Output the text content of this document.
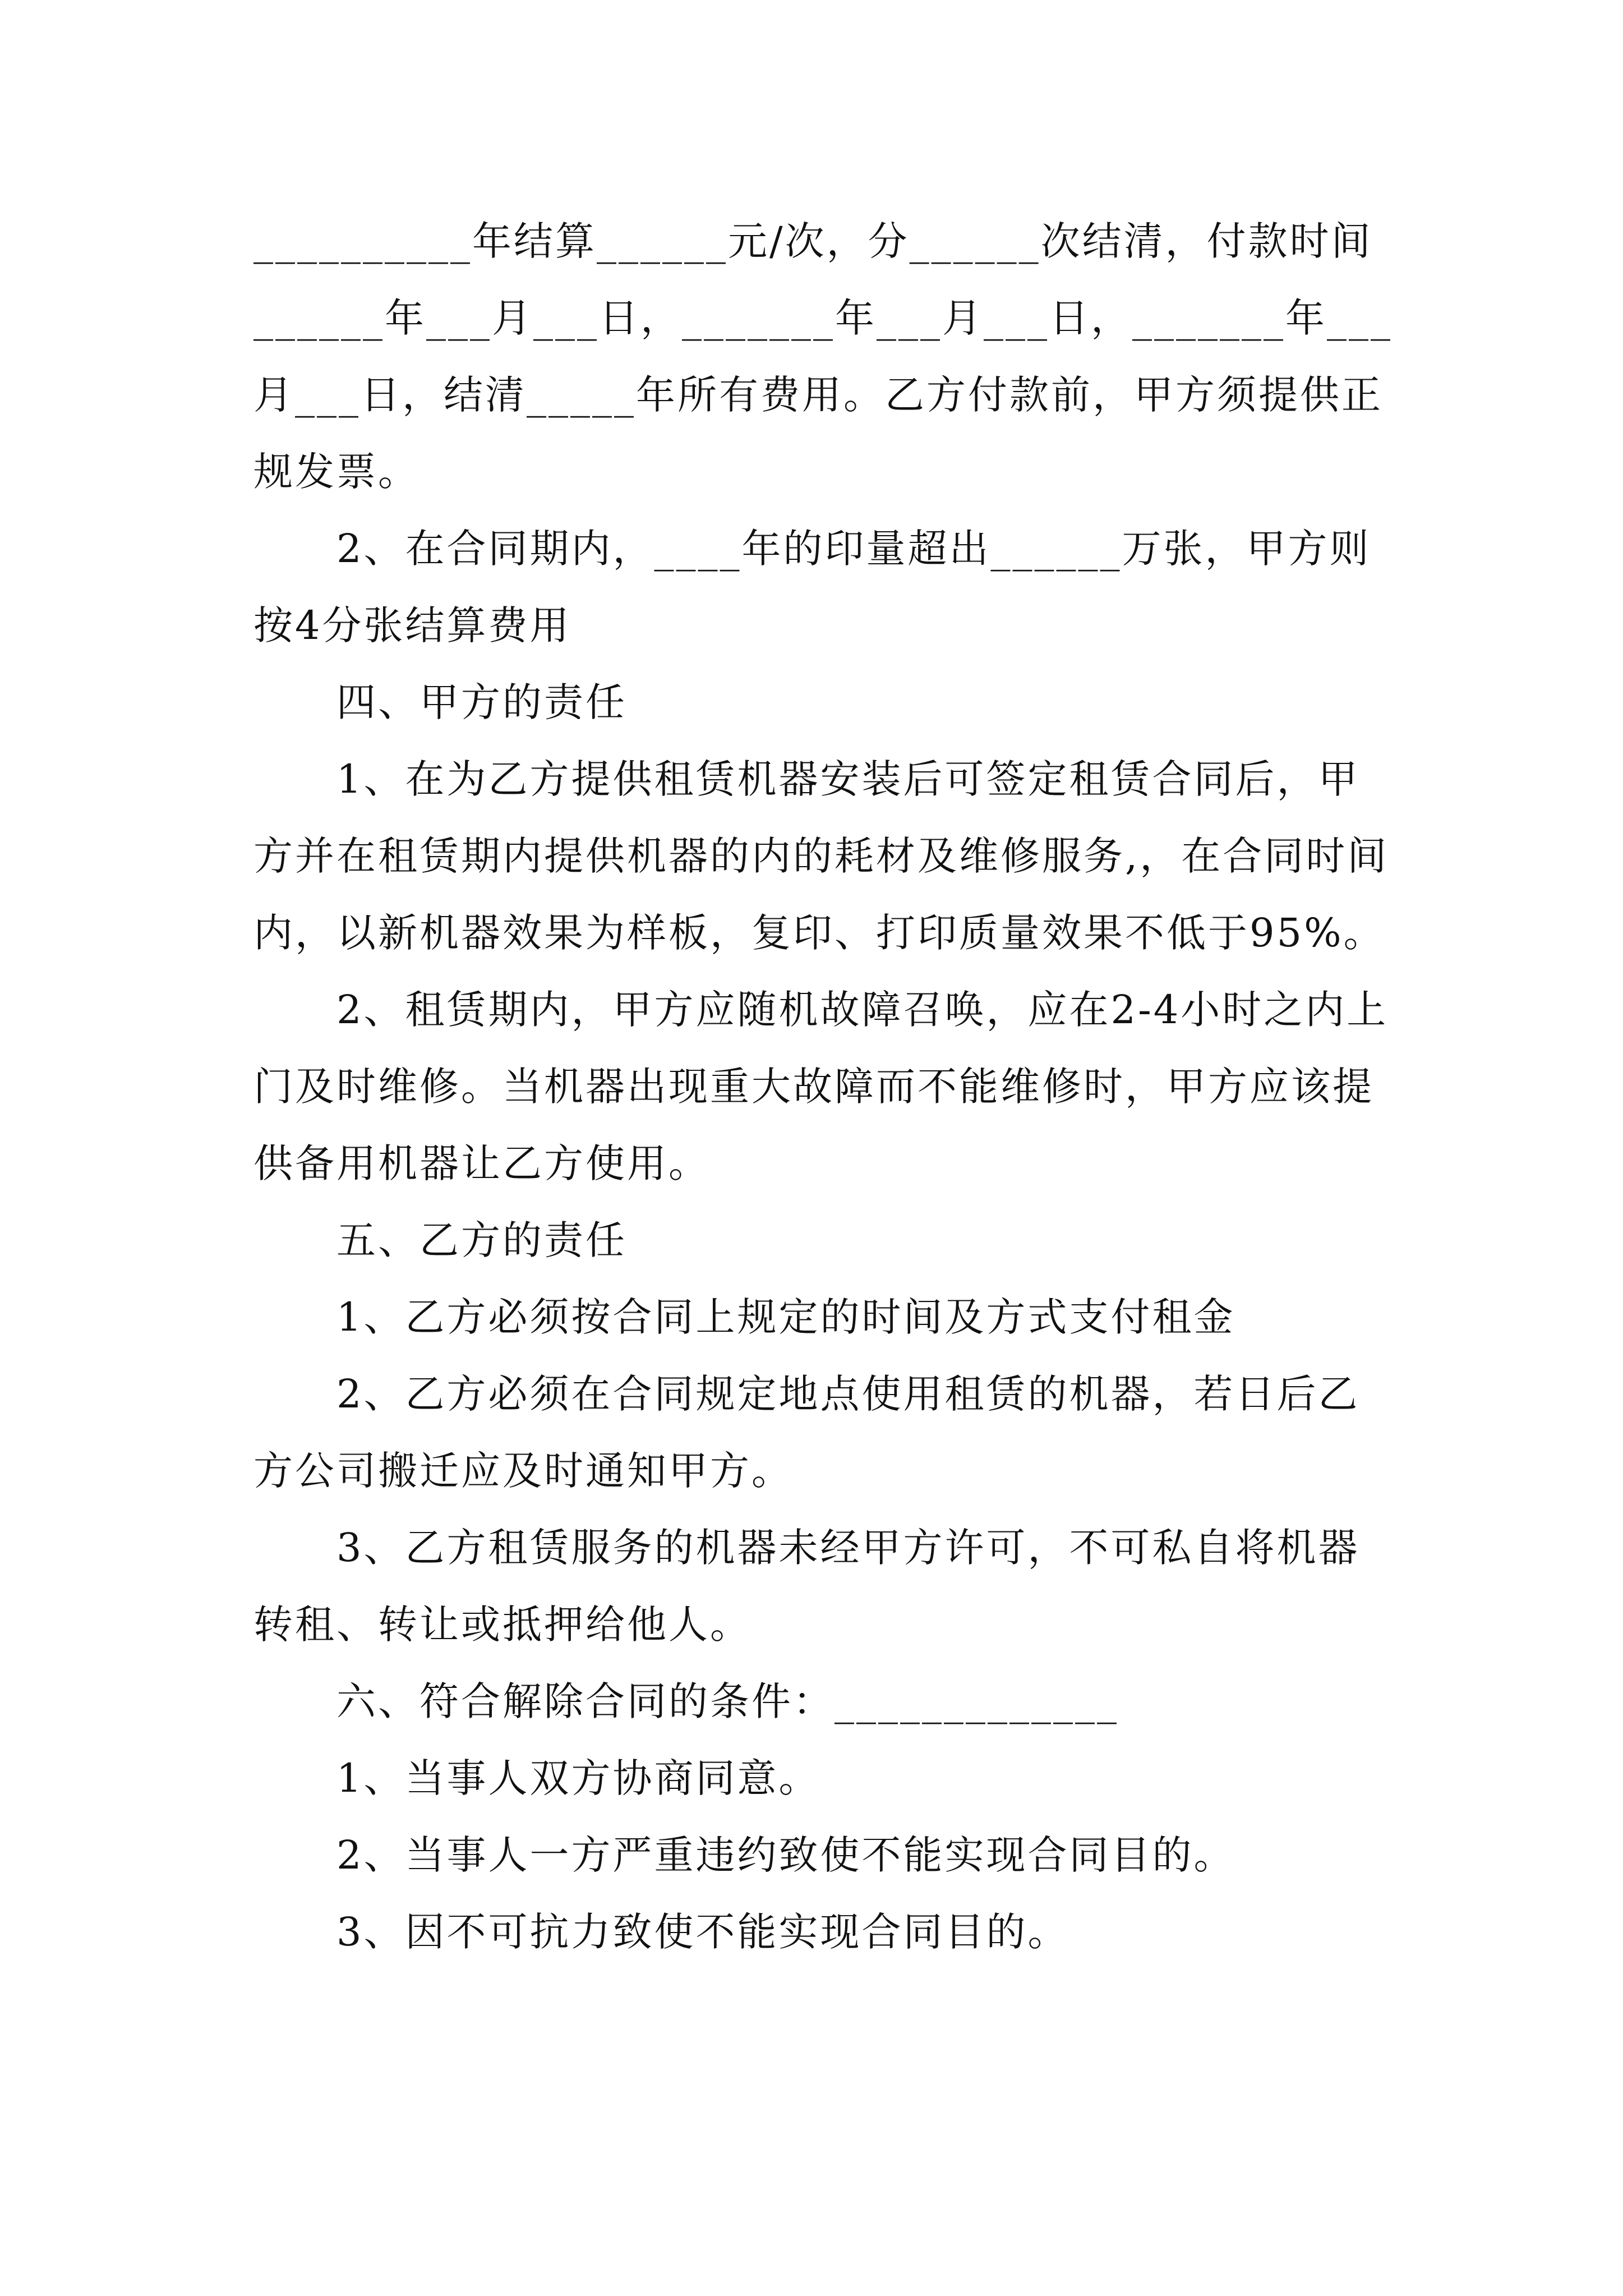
__________年结算______元/次，分______次结清，付款时间______年___月___日，_______年___月___日，_______年___月___日，结清_____年所有费用。乙方付款前，甲方须提供正规发票。

2、在合同期内，____年的印量超出______万张，甲方则按4分张结算费用

四、甲方的责任

1、在为乙方提供租赁机器安装后可签定租赁合同后，甲方并在租赁期内提供机器的内的耗材及维修服务,，在合同时间内，以新机器效果为样板，复印、打印质量效果不低于95%。

2、租赁期内，甲方应随机故障召唤，应在2-4小时之内上门及时维修。当机器出现重大故障而不能维修时，甲方应该提供备用机器让乙方使用。

五、乙方的责任

1、乙方必须按合同上规定的时间及方式支付租金

2、乙方必须在合同规定地点使用租赁的机器，若日后乙方公司搬迁应及时通知甲方。

3、乙方租赁服务的机器未经甲方许可，不可私自将机器转租、转让或抵押给他人。

六、符合解除合同的条件：_____________

1、当事人双方协商同意。

2、当事人一方严重违约致使不能实现合同目的。

3、因不可抗力致使不能实现合同目的。
